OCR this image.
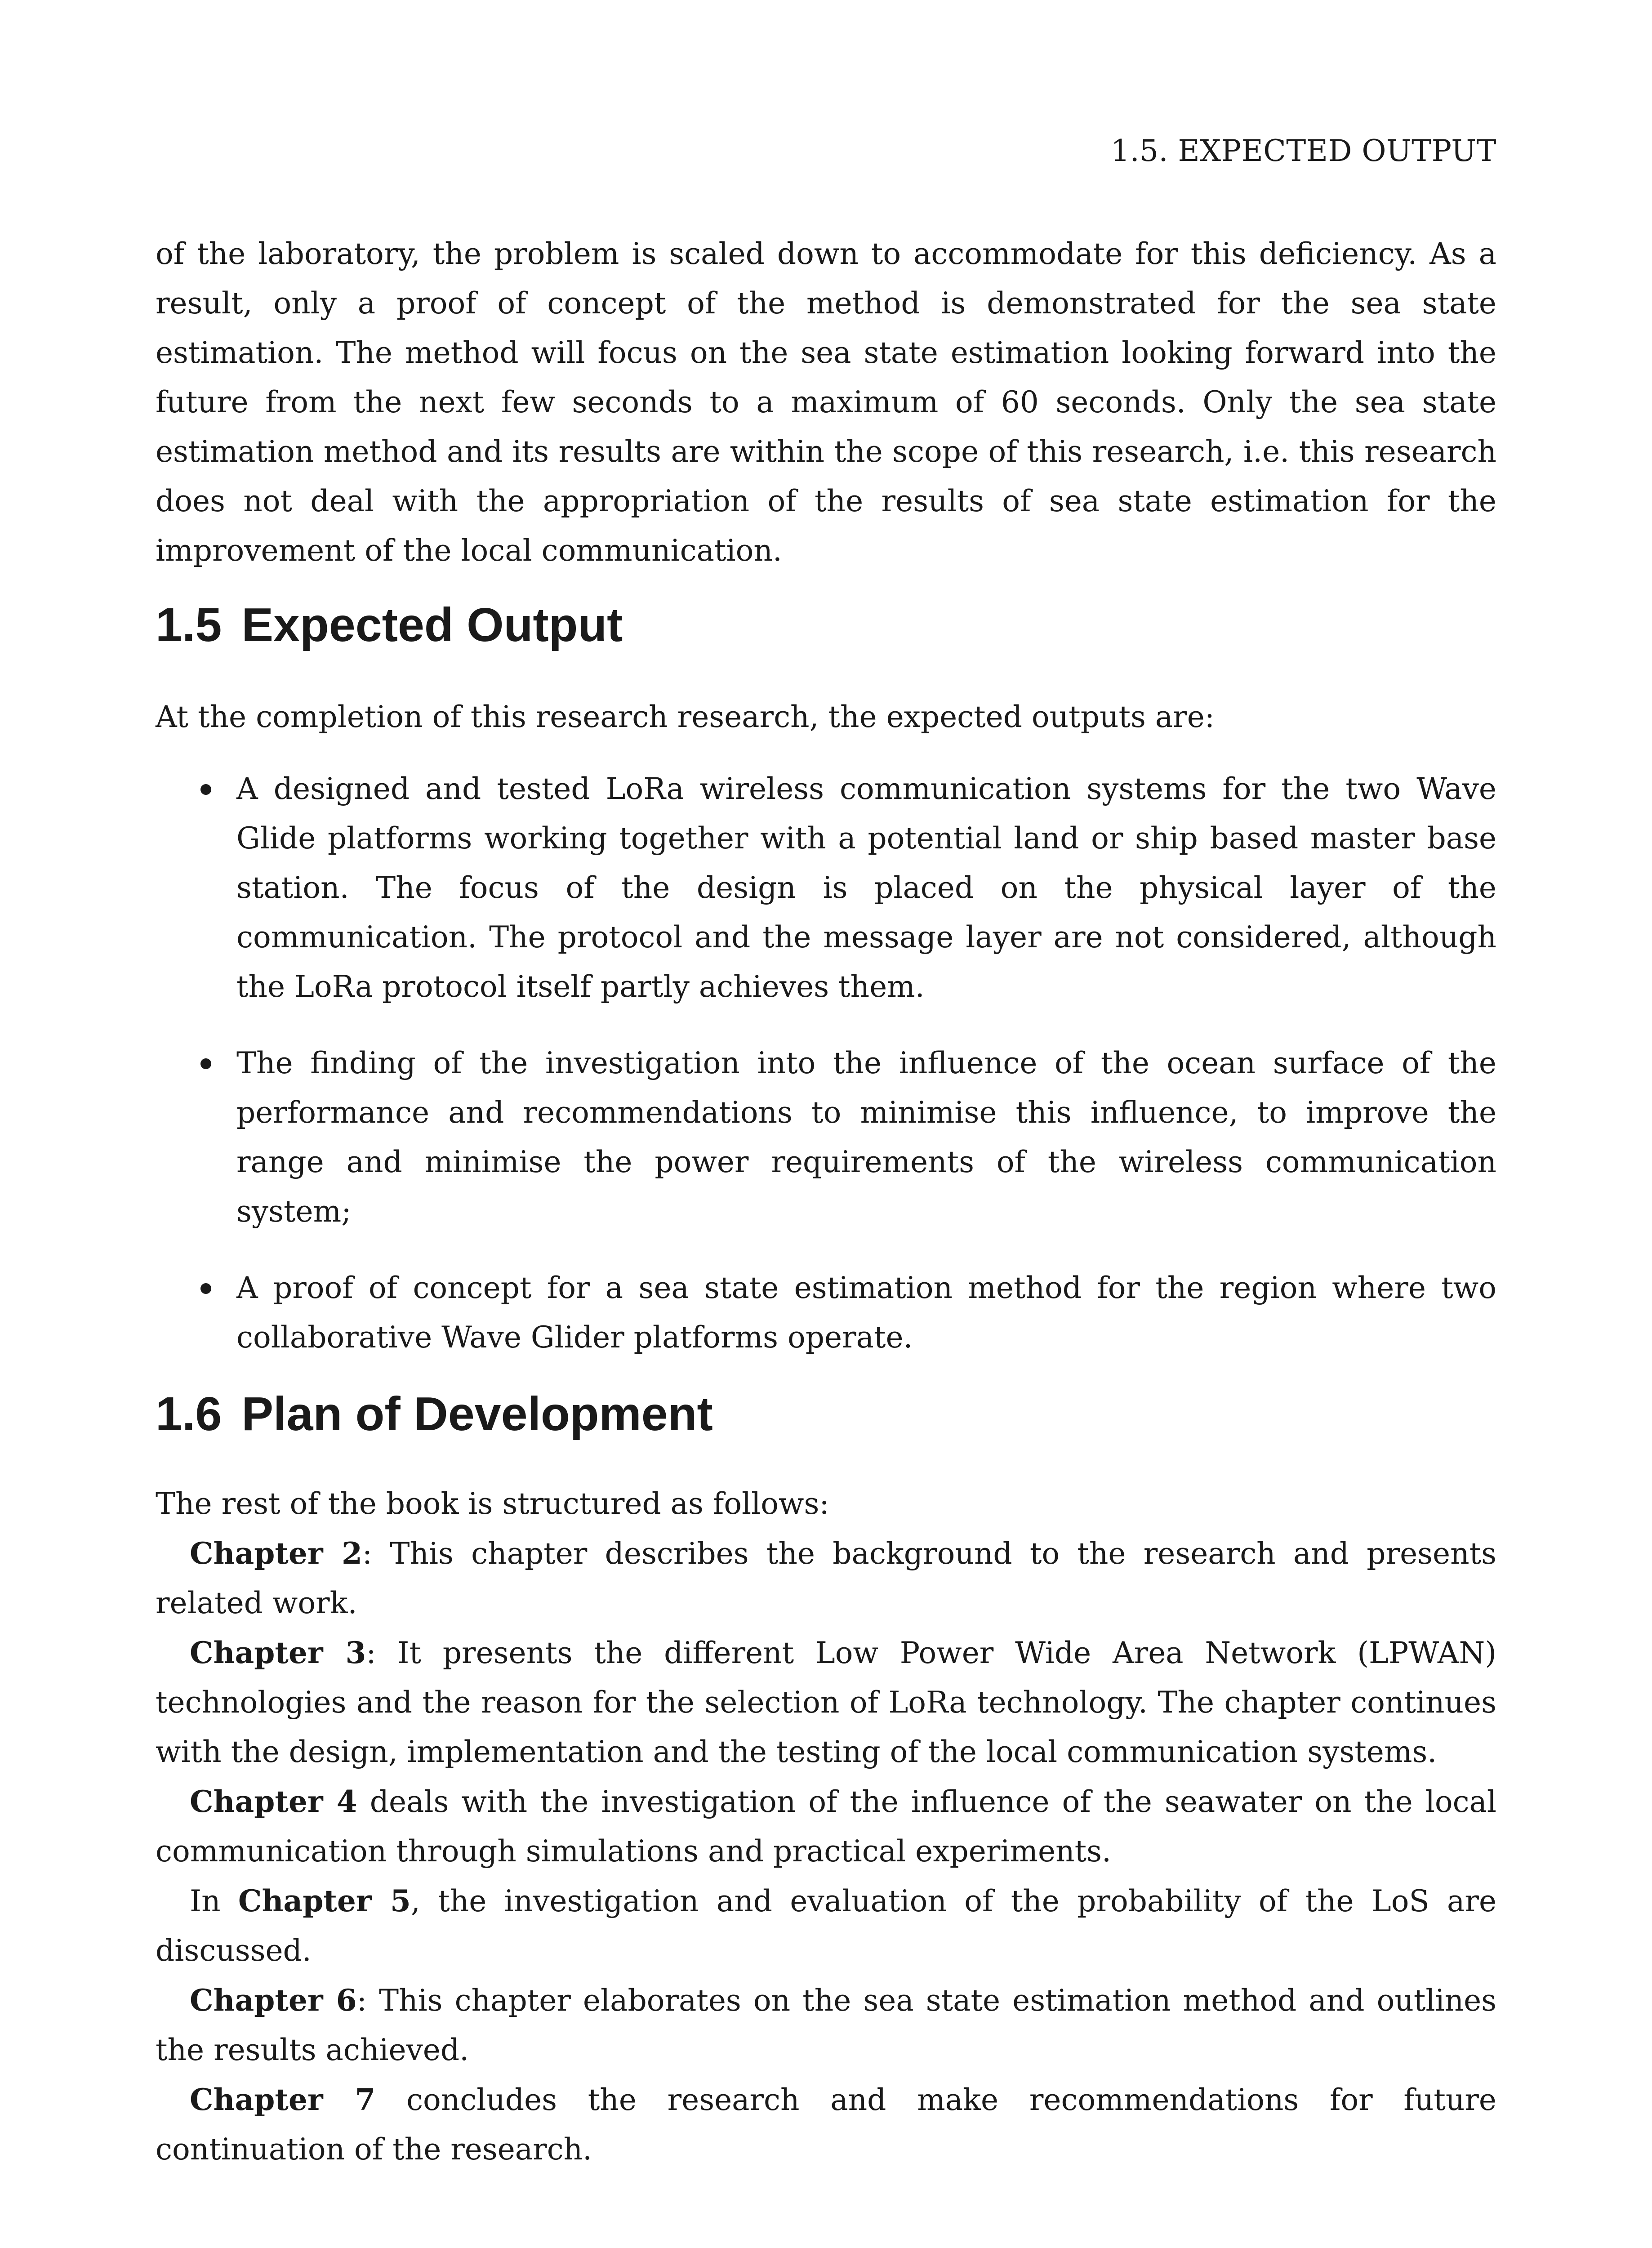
1.5. EXPECTED OUTPUT

of the laboratory, the problem is scaled down to accommodate for this deficiency. As a result, only a proof of concept of the method is demonstrated for the sea state estimation. The method will focus on the sea state estimation looking forward into the future from the next few seconds to a maximum of 60 seconds. Only the sea state estimation method and its results are within the scope of this research, i.e. this research does not deal with the appropriation of the results of sea state estimation for the improvement of the local communication.

1.5 Expected Output

At the completion of this research research, the expected outputs are:

A designed and tested LoRa wireless communication systems for the two Wave Glide platforms working together with a potential land or ship based master base station. The focus of the design is placed on the physical layer of the communication. The protocol and the message layer are not considered, although the LoRa protocol itself partly achieves them.
The finding of the investigation into the influence of the ocean surface of the performance and recommendations to minimise this influence, to improve the range and minimise the power requirements of the wireless communication system;
A proof of concept for a sea state estimation method for the region where two collaborative Wave Glider platforms operate.
1.6 Plan of Development

The rest of the book is structured as follows:

Chapter 2: This chapter describes the background to the research and presents related work.

Chapter 3: It presents the different Low Power Wide Area Network (LPWAN) technologies and the reason for the selection of LoRa technology. The chapter continues with the design, implementation and the testing of the local communication systems.

Chapter 4 deals with the investigation of the influence of the seawater on the local communication through simulations and practical experiments.

In Chapter 5, the investigation and evaluation of the probability of the LoS are discussed.

Chapter 6: This chapter elaborates on the sea state estimation method and outlines the results achieved.

Chapter 7 concludes the research and make recommendations for future continuation of the research.
